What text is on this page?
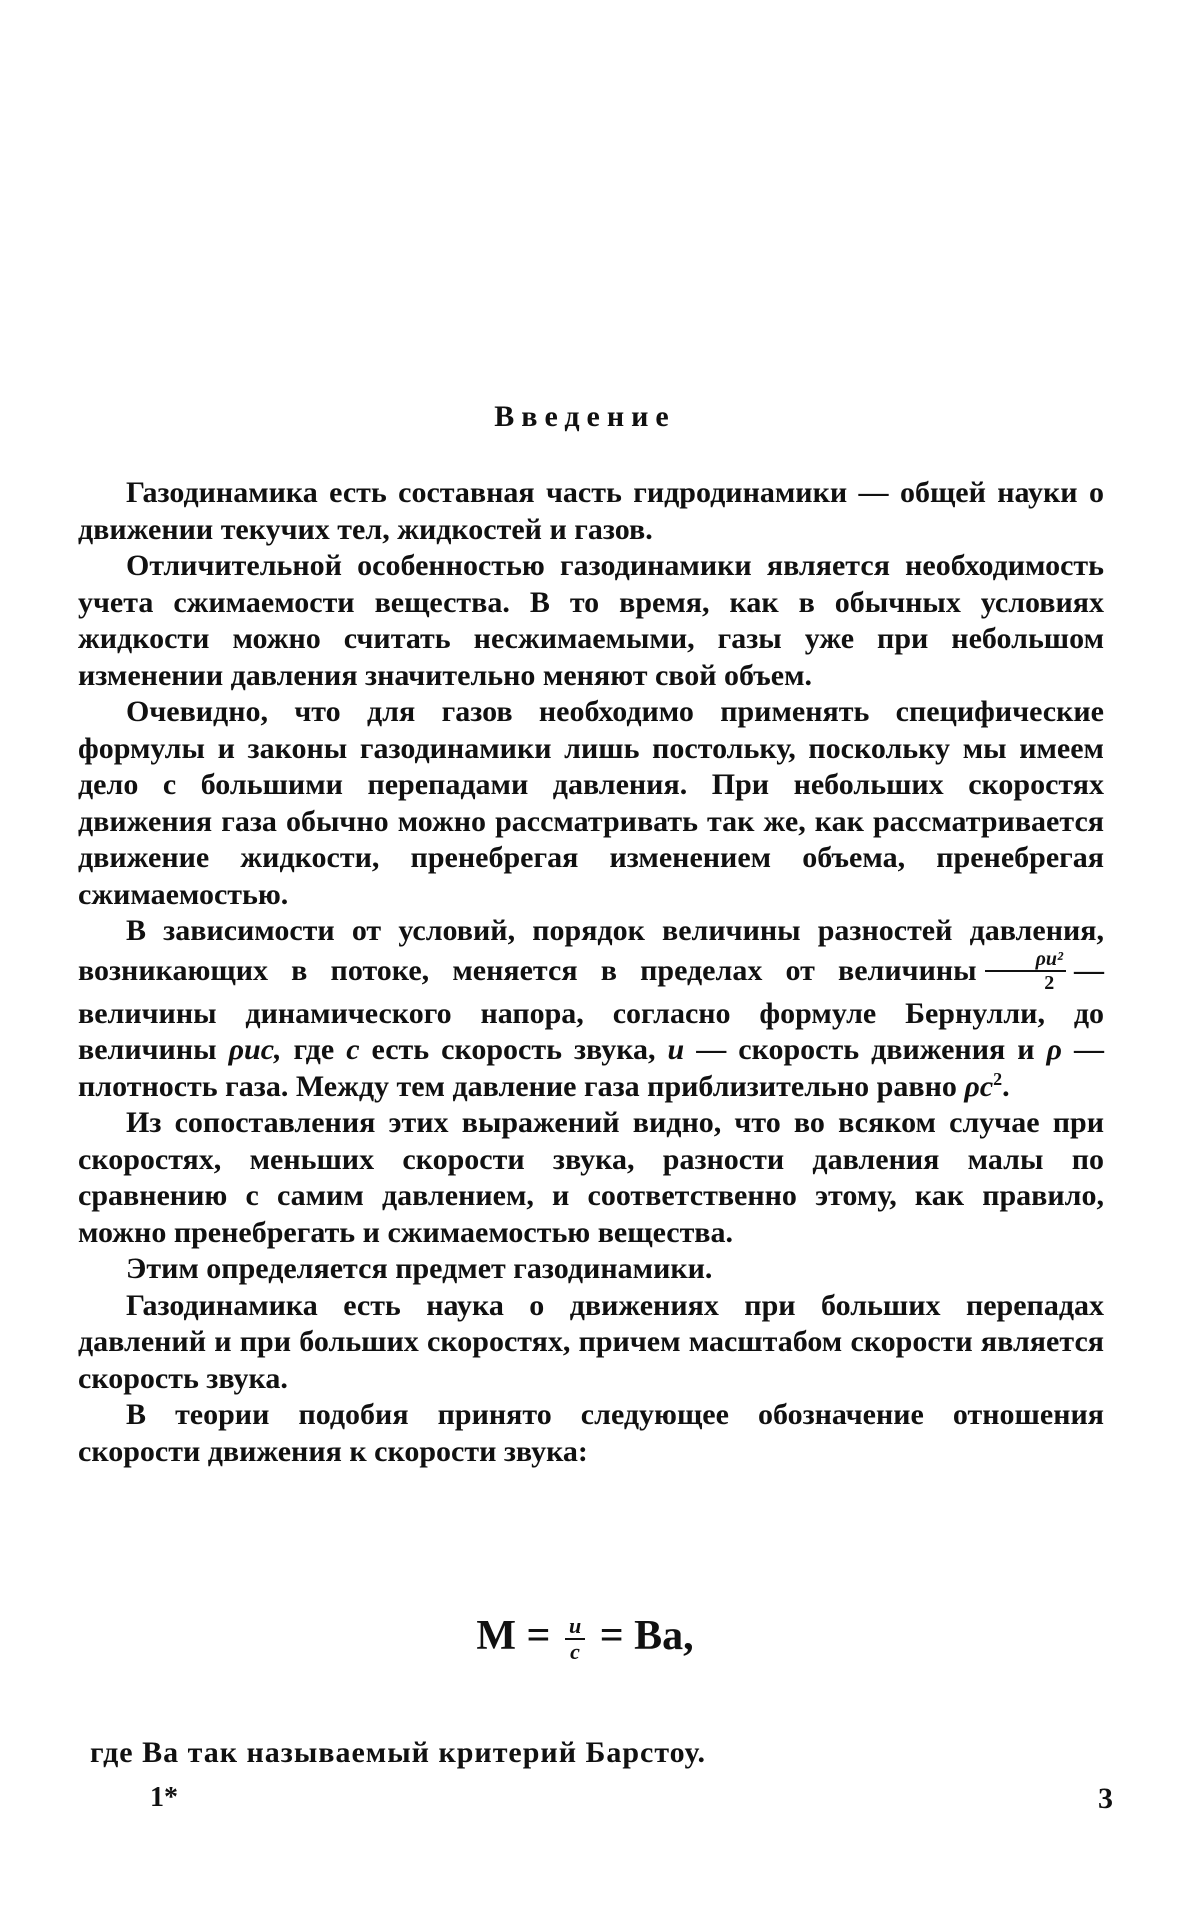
Введение

Газодинамика есть составная часть гидродинамики — общей науки о движении текучих тел, жидкостей и газов.

Отличительной особенностью газодинамики является необходимость учета сжимаемости вещества. В то время, как в обычных условиях жидкости можно считать несжимаемыми, газы уже при небольшом изменении давления значительно меняют свой объем.

Очевидно, что для газов необходимо применять специфические формулы и законы газодинамики лишь постольку, поскольку мы имеем дело с большими перепадами давления. При небольших скоростях движения газа обычно можно рассматривать так же, как рассматривается движение жидкости, пренебрегая изменением объема, пренебрегая сжимаемостью.

В зависимости от условий, порядок величины разностей давления, возникающих в потоке, меняется в пределах от величины $\frac{\text{ρu²}}{2}$ — величины динамического напора, согласно формуле Бернулли, до величины ρuc, где c есть скорость звука, u — скорость движения и ρ — плотность газа. Между тем давление газа приблизительно равно $\rho c^2$.

Из сопоставления этих выражений видно, что во всяком случае при скоростях, меньших скорости звука, разности давления малы по сравнению с самим давлением, и соответственно этому, как правило, можно пренебрегать и сжимаемостью вещества.

Этим определяется предмет газодинамики.

Газодинамика есть наука о движениях при больших перепадах давлений и при больших скоростях, причем масштабом скорости является скорость звука.

В теории подобия принято следующее обозначение отношения скорости движения к скорости звука:

$M = \frac{u}{c} = Ba$,
где Ва так называемый критерий Барстоу.
1*	3
